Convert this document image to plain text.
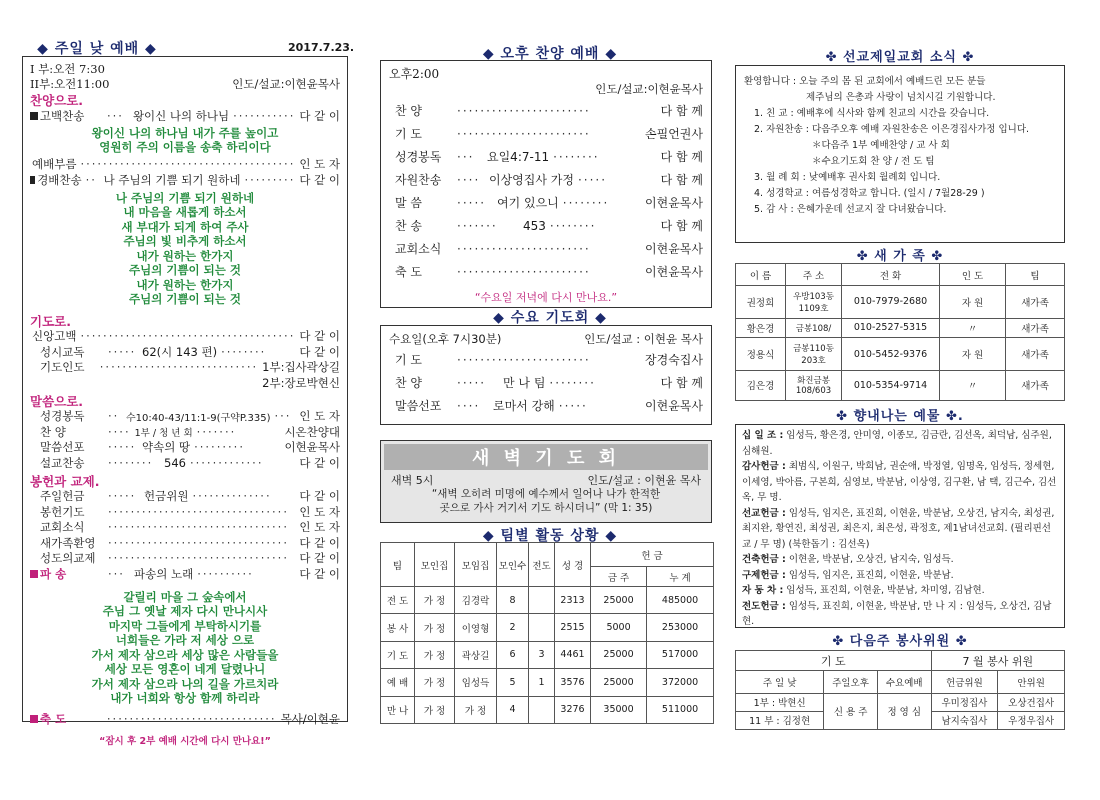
◆ 주일 낮 예배 ◆	2017.7.23.
I 부:오전 7:30
II부:오전11:00	인도/설교:이현윤목사
찬양으로.
고백찬송	··· 왕이신 나의 하나님 ··········· 다 같 이
왕이신 나의 하나님 내가 주를 높이고
영원히 주의 이름을 송축 하리이다
예배부름 ······································ 인 도 자
경배찬송 ·· 나 주님의 기쁨 되기 원하네 ········· 다 같 이
나 주님의 기쁨 되기 원하네
내 마음을 새롭게 하소서
새 부대가 되게 하여 주사
주님의 빛 비추게 하소서
내가 원하는 한가지
주님의 기쁨이 되는 것
내가 원하는 한가지
주님의 기쁨이 되는 것
기도로.
신앙고백 ······································ 다 같 이
성시교독	····· 62(시 143 편) ········	다 같 이
기도인도	···························· 1부:집사곽상길
2부:장로박현신
말씀으로.
성경봉독	·· 수10:40-43/11:1-9(구약P.335) ··· 인 도 자
찬 양	···· 1부 / 청 년 회 ·······	시온찬양대
말씀선포	····· 약속의 땅 ·········	이현윤목사
설교찬송	········ 546 ·············	다 같 이
봉헌과 교제.
주일헌금	····· 헌금위원 ··············	다 같 이
봉헌기도	································ 인 도 자
교회소식	································ 인 도 자
새가족환영	································ 다 같 이
성도의교제	································ 다 같 이
파 송	··· 파송의 노래 ··········	다 같 이
갈릴리 마을 그 숲속에서
주님 그 옛날 제자 다시 만나시사
마지막 그들에게 부탁하시기를
너희들은 가라 저 세상 으로
가서 제자 삼으라 세상 많은 사람들을
세상 모든 영혼이 네게 달렸나니
가서 제자 삼으라 나의 길을 가르치라
내가 너희와 항상 함께 하리라
축 도	······························ 목사/이현윤
“잠시 후 2부 예배 시간에 다시 만나요!”
◆ 오후 찬양 예배 ◆
오후2:00
인도/설교:이현윤목사
찬 양	·······················	다 함 께
기 도	·······················	손필언권사
성경봉독	···	요일4:7-11 ········	다 함 께
자원찬송	···· 이상영집사 가정 ·····	다 함 께
말 씀	····· 여기 있으니 ········	이현윤목사
찬 송	·······	453 ········	다 함 께
교회소식	·······················	이현윤목사
축 도	·······················	이현윤목사
“수요일 저녁에 다시 만나요.”
◆ 수요 기도회 ◆
수요일(오후 7시30분)	인도/설교 : 이현윤 목사
기 도	·······················	장경숙집사
찬 양	·····	만 나 팀 ········	다 함 께
말씀선포	····	로마서 강해 ·····	이현윤목사
새 벽 기 도 회
새벽 5시	인도/설교 : 이현윤 목사
“새벽 오히려 미명에 예수께서 일어나 나가 한적한
곳으로 가사 거기서 기도 하시더니” (막 1: 35)
◆ 팀별 활동 상황 ◆
팀	모인집	모임집	모인수	전도	성 경	헌 금	
						금 주	누 계
전 도	가 정	김경락	8		2313	25000	485000
봉 사	가 정	이영형	2		2515	5000	253000
기 도	가 정	곽상길	6	3	4461	25000	517000
예 배	가 정	임성득	5	1	3576	25000	372000
만 나	가 정	가 정	4		3276	35000	511000
✤ 선교제일교회 소식 ✤
환영합니다 : 오늘 주의 몸 된 교회에서 예배드린 모든 분들
제주님의 은총과 사랑이 넘치시길 기원합니다.
1. 친 교 : 예배후에 식사와 함께 친교의 시간을 갖습니다.
2. 자원찬송 : 다음주오후 예배 자원찬송은 이은경집사가정 입니다.
＊다음주 1부 예배찬양 / 교 사 회
＊수요기도회 찬 양 / 전 도 팀
3. 월 례 회 : 낮예배후 권사회 월례회 입니다.
4. 성경학교 : 여름성경학교 합니다. (일시 / 7월28-29 )
5. 감 사 : 은혜가운데 선교지 잘 다녀왔습니다.
✤ 새 가 족 ✤
이 름	주 소	전 화	인 도	팀
권정희	우방103동 1109호	010-7979-2680	자 원	새가족
황은경	금봉108/	010-2527-5315	〃	새가족
정용식	금봉110동 203호	010-5452-9376	자 원	새가족
김은경	화진금봉 108/603	010-5354-9714	〃	새가족
✤ 향내나는 예물 ✤.
십 일 조 : 임성득, 황은경, 안미영, 이종모, 김금란, 김선옥, 최덕남, 심주원, 심해원.
감사헌금 : 최범식, 이원구, 박희남, 권순애, 박정열, 임명옥, 임성득, 정세현, 이세영, 박아름, 구본희, 심영보, 박분남, 이상영, 김구환, 남 택, 김근수, 김선옥, 무 명.
선교헌금 : 임성득, 임지은, 표진희, 이현윤, 박분남, 오상건, 남지숙, 최성권, 최지완, 황연진, 최성권, 최은지, 최은성, 곽정호, 제1남녀선교회. (필리핀선교 / 무 명) (북한돕기 : 김선옥)
건축헌금 : 이현윤, 박분남, 오상건, 남지숙, 임성득.
구제헌금 : 임성득, 임지은, 표진희, 이현윤, 박분남.
자 동 차 : 임성득, 표진희, 이현윤, 박분남, 차미영, 김남현.
전도헌금 : 임성득, 표진희, 이현윤, 박분남, 만 나 지 : 임성득, 오상건, 김남현.
✤ 다음주 봉사위원 ✤
기 도			7 월 봉사 위원	
주 일 낮	주일오후	수요예배	헌금위원	안위원
1부 : 박현신	신 용 주	정 영 심	우미정집사	오상건집사
11 부 : 김정현			남지숙집사	우정우집사
